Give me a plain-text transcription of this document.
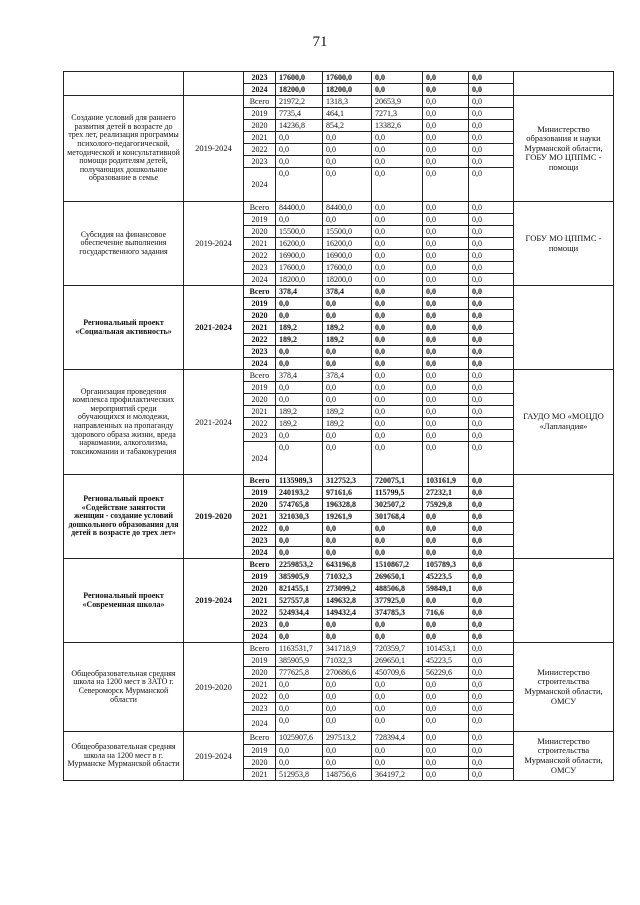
71
		2023	17600,0	17600,0	0,0	0,0	0,0	
		2024	18200,0	18200,0	0,0	0,0	0,0	
Создание условий для раннего развития детей в возрасте до трех лет, реализация программы психолого-педагогической, методической и консультативной помощи родителям детей, получающих дошкольное образование в семье	2019-2024	Всего	21972,2	1318,3	20653,9	0,0	0,0	Министерство образования и науки Мурманской области, ГОБУ МО ЦППМС - помощи
		2019	7735,4	464,1	7271,3	0,0	0,0	
		2020	14236,8	854,2	13382,6	0,0	0,0	
		2021	0,0	0,0	0,0	0,0	0,0	
		2022	0,0	0,0	0,0	0,0	0,0	
		2023	0,0	0,0	0,0	0,0	0,0	
		2024	0,0	0,0	0,0	0,0	0,0	
Субсидия на финансовое обеспечение выполнения государственного задания	2019-2024	Всего	84400,0	84400,0	0,0	0,0	0,0	ГОБУ МО ЦППМС - помощи
		2019	0,0	0,0	0,0	0,0	0,0	
		2020	15500,0	15500,0	0,0	0,0	0,0	
		2021	16200,0	16200,0	0,0	0,0	0,0	
		2022	16900,0	16900,0	0,0	0,0	0,0	
		2023	17600,0	17600,0	0,0	0,0	0,0	
		2024	18200,0	18200,0	0,0	0,0	0,0	
Региональный проект «Социальная активность»	2021-2024	Всего	378,4	378,4	0,0	0,0	0,0	
		2019	0,0	0,0	0,0	0,0	0,0	
		2020	0,0	0,0	0,0	0,0	0,0	
		2021	189,2	189,2	0,0	0,0	0,0	
		2022	189,2	189,2	0,0	0,0	0,0	
		2023	0,0	0,0	0,0	0,0	0,0	
		2024	0,0	0,0	0,0	0,0	0,0	
Организация проведения комплекса профилактических мероприятий среди обучающихся и молодежи, направленных на пропаганду здорового образа жизни, вреда наркомании, алкоголизма, токсикомании и табакокурения	2021-2024	Всего	378,4	378,4	0,0	0,0	0,0	ГАУДО МО «МОЦДО «Лапландия»
		2019	0,0	0,0	0,0	0,0	0,0	
		2020	0,0	0,0	0,0	0,0	0,0	
		2021	189,2	189,2	0,0	0,0	0,0	
		2022	189,2	189,2	0,0	0,0	0,0	
		2023	0,0	0,0	0,0	0,0	0,0	
		2024	0,0	0,0	0,0	0,0	0,0	
Региональный проект «Содействие занятости женщин - создание условий дошкольного образования для детей в возрасте до трех лет»	2019-2020	Всего	1135989,3	312752,3	720075,1	103161,9	0,0	
		2019	240193,2	97161,6	115799,5	27232,1	0,0	
		2020	574765,8	196328,8	302507,2	75929,8	0,0	
		2021	321030,3	19261,9	301768,4	0,0	0,0	
		2022	0,0	0,0	0,0	0,0	0,0	
		2023	0,0	0,0	0,0	0,0	0,0	
		2024	0,0	0,0	0,0	0,0	0,0	
Региональный проект «Современная школа»	2019-2024	Всего	2259853,2	643196,8	1510867,2	105789,3	0,0	
		2019	385905,9	71032,3	269650,1	45223,5	0,0	
		2020	821455,1	273099,2	488506,8	59849,1	0,0	
		2021	527557,8	149632,8	377925,0	0,0	0,0	
		2022	524934,4	149432,4	374785,3	716,6	0,0	
		2023	0,0	0,0	0,0	0,0	0,0	
		2024	0,0	0,0	0,0	0,0	0,0	
Общеобразовательная средняя школа на 1200 мест в ЗАТО г. Североморск Мурманской области	2019-2020	Всего	1163531,7	341718,9	720359,7	101453,1	0,0	Министерство строительства Мурманской области, ОМСУ
		2019	385905,9	71032,3	269650,1	45223,5	0,0	
		2020	777625,8	270686,6	450709,6	56229,6	0,0	
		2021	0,0	0,0	0,0	0,0	0,0	
		2022	0,0	0,0	0,0	0,0	0,0	
		2023	0,0	0,0	0,0	0,0	0,0	
		2024	0,0	0,0	0,0	0,0	0,0	
Общеобразовательная средняя школа на 1200 мест в г. Мурманске Мурманской области	2019-2024	Всего	1025907,6	297513,2	728394,4	0,0	0,0	Министерство строительства Мурманской области, ОМСУ
		2019	0,0	0,0	0,0	0,0	0,0	
		2020	0,0	0,0	0,0	0,0	0,0	
		2021	512953,8	148756,6	364197,2	0,0	0,0	
